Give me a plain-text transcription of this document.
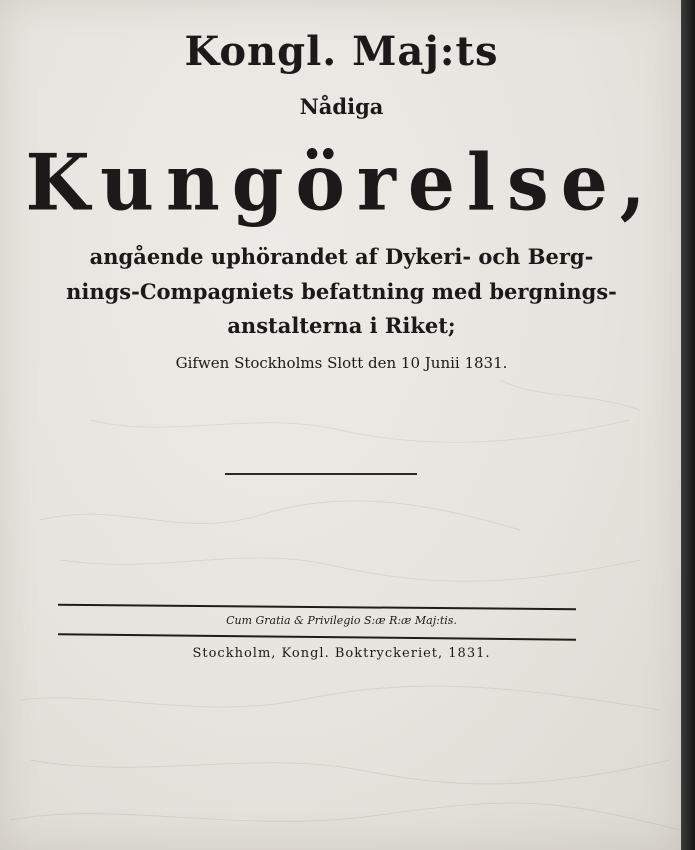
Kongl. Maj:ts
Nådiga
Kungörelse,
angående uphörandet af Dykeri- och Berg-
nings-Compagniets befattning med bergnings-
anstalterna i Riket;
Gifwen Stockholms Slott den 10 Junii 1831.
Cum Gratia & Privilegio S:æ R:æ Maj:tis.
Stockholm, Kongl. Boktryckeriet, 1831.
